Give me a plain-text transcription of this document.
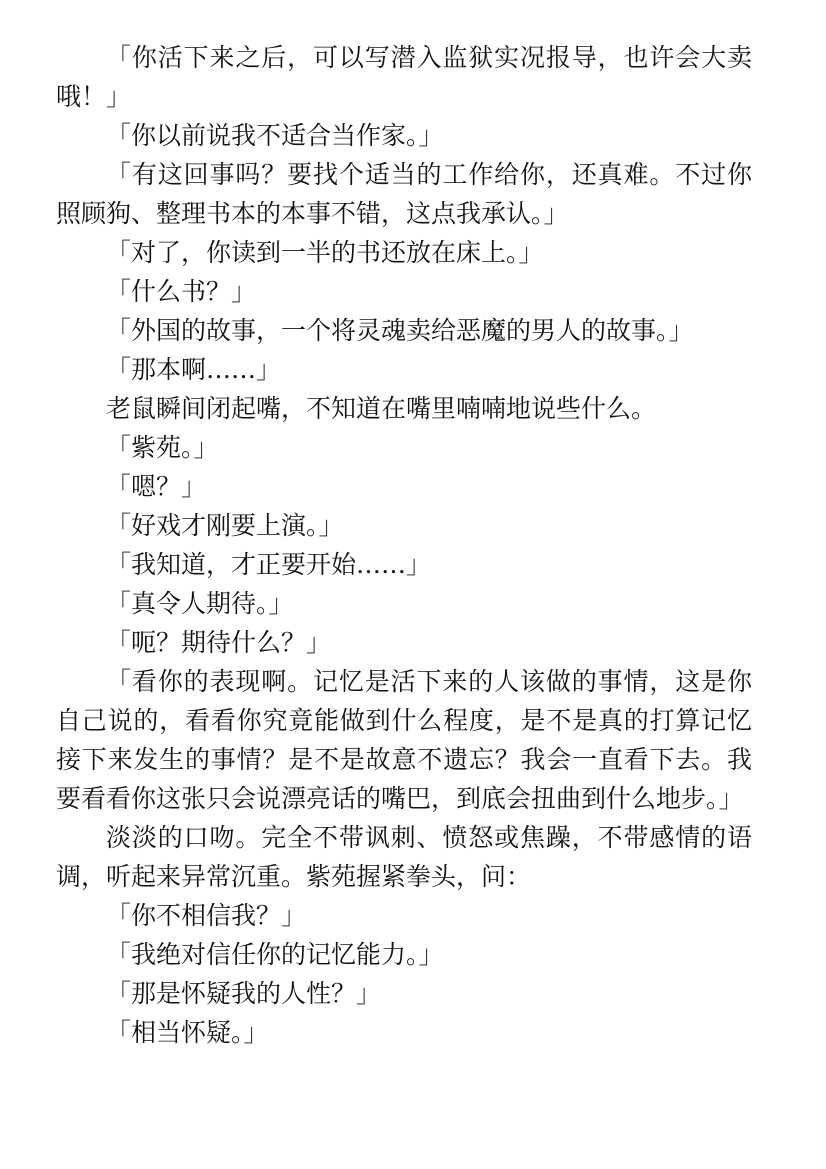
「你活下来之后，可以写潜入监狱实况报导，也许会大卖哦！」

「你以前说我不适合当作家。」

「有这回事吗？要找个适当的工作给你，还真难。不过你照顾狗、整理书本的本事不错，这点我承认。」

「对了，你读到一半的书还放在床上。」

「什么书？」

「外国的故事，一个将灵魂卖给恶魔的男人的故事。」

「那本啊……」

老鼠瞬间闭起嘴，不知道在嘴里喃喃地说些什么。

「紫苑。」

「嗯？」

「好戏才刚要上演。」

「我知道，才正要开始……」

「真令人期待。」

「呃？期待什么？」

「看你的表现啊。记忆是活下来的人该做的事情，这是你自己说的，看看你究竟能做到什么程度，是不是真的打算记忆接下来发生的事情？是不是故意不遗忘？我会一直看下去。我要看看你这张只会说漂亮话的嘴巴，到底会扭曲到什么地步。」

淡淡的口吻。完全不带讽刺、愤怒或焦躁，不带感情的语调，听起来异常沉重。紫苑握紧拳头，问：

「你不相信我？」

「我绝对信任你的记忆能力。」

「那是怀疑我的人性？」

「相当怀疑。」
